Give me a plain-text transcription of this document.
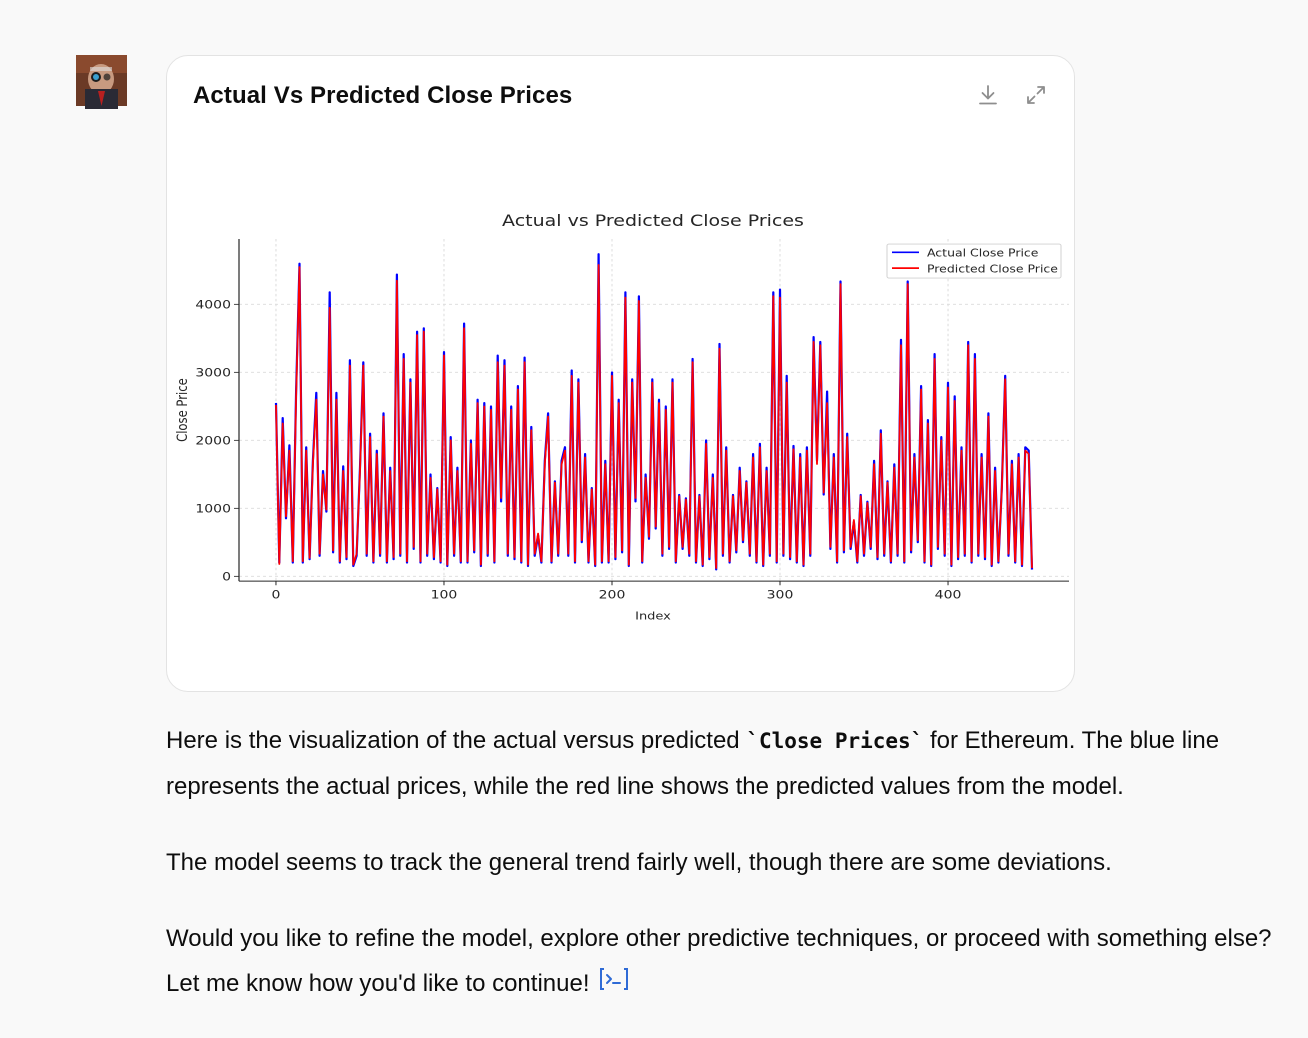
Actual Vs Predicted Close Prices
Actual vs Predicted Close Prices
0	100	200	300	400
0
1000
2000
3000
4000
Index
Close Price
Actual Close Price
Predicted Close Price

Here is the visualization of the actual versus predicted `Close Prices` for Ethereum. The blue line represents the actual prices, while the red line shows the predicted values from the model.

The model seems to track the general trend fairly well, though there are some deviations.

Would you like to refine the model, explore other predictive techniques, or proceed with something else? Let me know how you'd like to continue!
